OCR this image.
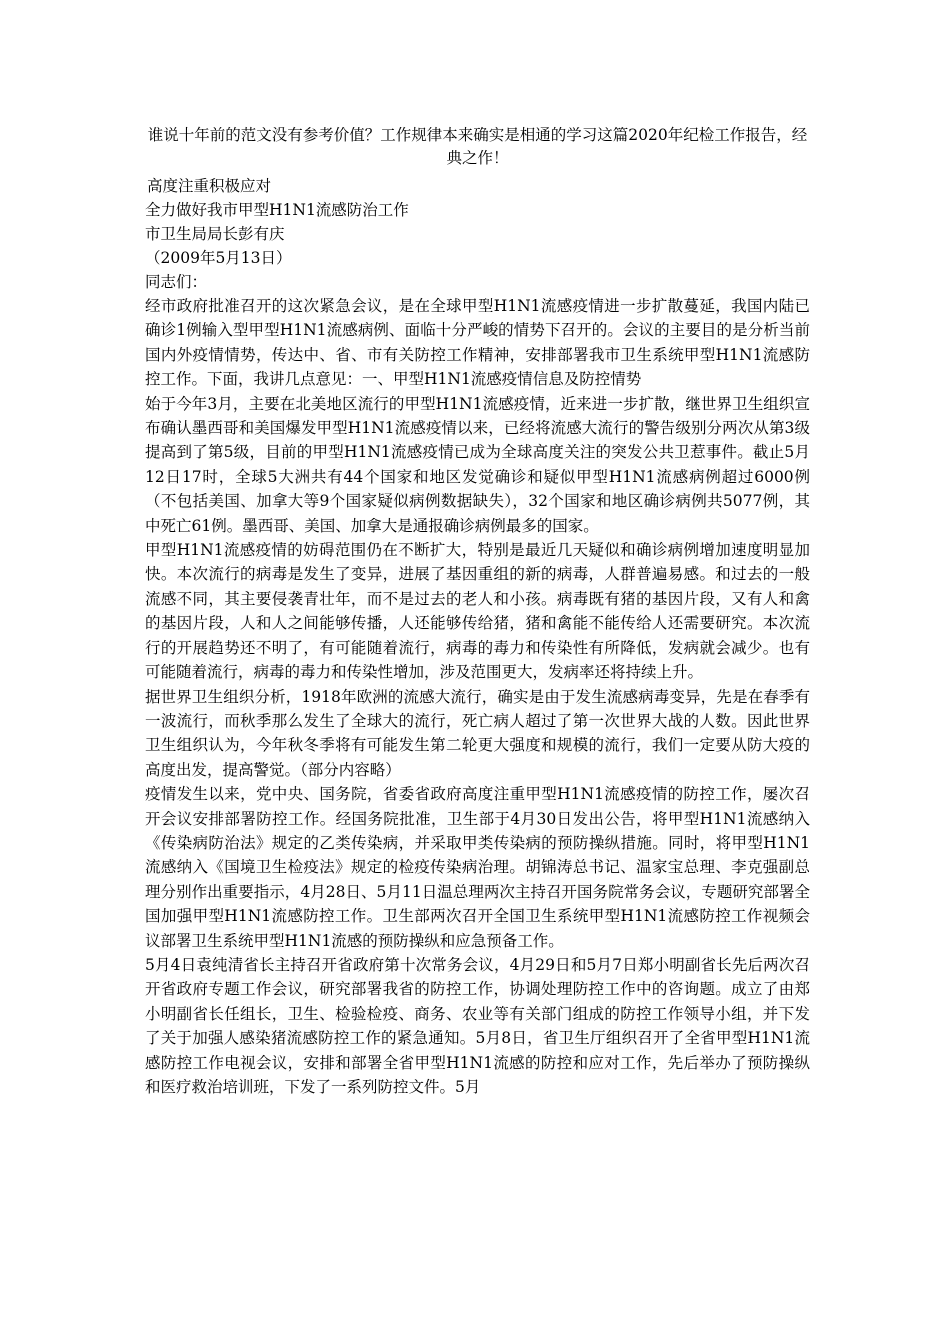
谁说十年前的范文没有参考价值？工作规律本来确实是相通的学习这篇2020年纪检工作报告，经典之作！

高度注重积极应对

全力做好我市甲型H1N1流感防治工作

市卫生局局长彭有庆

（2009年5月13日）

同志们：

经市政府批准召开的这次紧急会议，是在全球甲型H1N1流感疫情进一步扩散蔓延，我国内陆已确诊1例输入型甲型H1N1流感病例、面临十分严峻的情势下召开的。会议的主要目的是分析当前国内外疫情情势，传达中、省、市有关防控工作精神，安排部署我市卫生系统甲型H1N1流感防控工作。下面，我讲几点意见：一、甲型H1N1流感疫情信息及防控情势

始于今年3月，主要在北美地区流行的甲型H1N1流感疫情，近来进一步扩散，继世界卫生组织宣布确认墨西哥和美国爆发甲型H1N1流感疫情以来，已经将流感大流行的警告级别分两次从第3级提高到了第5级，目前的甲型H1N1流感疫情已成为全球高度关注的突发公共卫惹事件。截止5月12日17时，全球5大洲共有44个国家和地区发觉确诊和疑似甲型H1N1流感病例超过6000例（不包括美国、加拿大等9个国家疑似病例数据缺失），32个国家和地区确诊病例共5077例，其中死亡61例。墨西哥、美国、加拿大是通报确诊病例最多的国家。

甲型H1N1流感疫情的妨碍范围仍在不断扩大，特别是最近几天疑似和确诊病例增加速度明显加快。本次流行的病毒是发生了变异，进展了基因重组的新的病毒，人群普遍易感。和过去的一般流感不同，其主要侵袭青壮年，而不是过去的老人和小孩。病毒既有猪的基因片段，又有人和禽的基因片段，人和人之间能够传播，人还能够传给猪，猪和禽能不能传给人还需要研究。本次流行的开展趋势还不明了，有可能随着流行，病毒的毒力和传染性有所降低，发病就会减少。也有可能随着流行，病毒的毒力和传染性增加，涉及范围更大，发病率还将持续上升。

据世界卫生组织分析，1918年欧洲的流感大流行，确实是由于发生流感病毒变异，先是在春季有一波流行，而秋季那么发生了全球大的流行，死亡病人超过了第一次世界大战的人数。因此世界卫生组织认为，今年秋冬季将有可能发生第二轮更大强度和规模的流行，我们一定要从防大疫的高度出发，提高警觉。（部分内容略）

疫情发生以来，党中央、国务院，省委省政府高度注重甲型H1N1流感疫情的防控工作，屡次召开会议安排部署防控工作。经国务院批准，卫生部于4月30日发出公告，将甲型H1N1流感纳入《传染病防治法》规定的乙类传染病，并采取甲类传染病的预防操纵措施。同时，将甲型H1N1流感纳入《国境卫生检疫法》规定的检疫传染病治理。胡锦涛总书记、温家宝总理、李克强副总理分别作出重要指示，4月28日、5月11日温总理两次主持召开国务院常务会议，专题研究部署全国加强甲型H1N1流感防控工作。卫生部两次召开全国卫生系统甲型H1N1流感防控工作视频会议部署卫生系统甲型H1N1流感的预防操纵和应急预备工作。

5月4日袁纯清省长主持召开省政府第十次常务会议，4月29日和5月7日郑小明副省长先后两次召开省政府专题工作会议，研究部署我省的防控工作，协调处理防控工作中的咨询题。成立了由郑小明副省长任组长，卫生、检验检疫、商务、农业等有关部门组成的防控工作领导小组，并下发了关于加强人感染猪流感防控工作的紧急通知。5月8日，省卫生厅组织召开了全省甲型H1N1流感防控工作电视会议，安排和部署全省甲型H1N1流感的防控和应对工作，先后举办了预防操纵和医疗救治培训班，下发了一系列防控文件。5月
